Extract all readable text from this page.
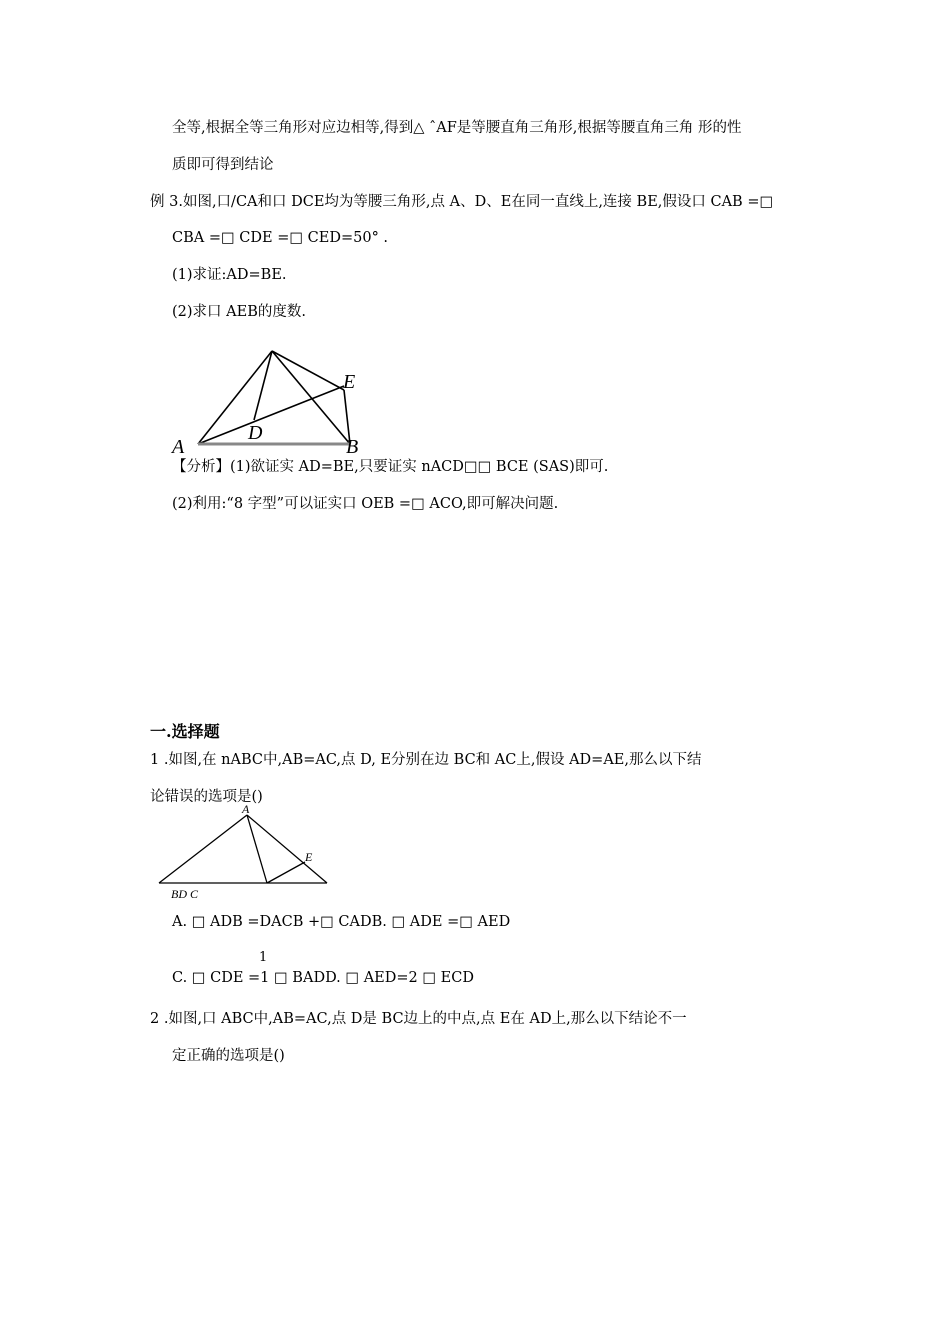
全等,根据全等三角形对应边相等,得到△ ˆAF是等腰直角三角形,根据等腰直角三角 形的性
质即可得到结论
例 3.如图,口/CA和口 DCE均为等腰三角形,点 A、D、E在同一直线上,连接 BE,假设口 CAB =□
CBA =□ CDE =□ CED=50° .
(1)求证:AD=BE.
(2)求口 AEB的度数.
A
D
E
B
【分析】(1)欲证实 AD=BE,只要证实 nACD□□ BCE (SAS)即可.
(2)利用:“8 字型”可以证实口 OEB =□ ACO,即可解决问题.
一.选择题
1 .如图,在 nABC中,AB=AC,点 D, E分别在边 BC和 AC上,假设 AD=AE,那么以下结
论错误的选项是()
A
E
BD C
A. □ ADB =DACB +□ CADB. □ ADE =□ AED
1
C. □ CDE =1 □ BADD. □ AED=2 □ ECD
2 .如图,口 ABC中,AB=AC,点 D是 BC边上的中点,点 E在 AD上,那么以下结论不一
定正确的选项是()
